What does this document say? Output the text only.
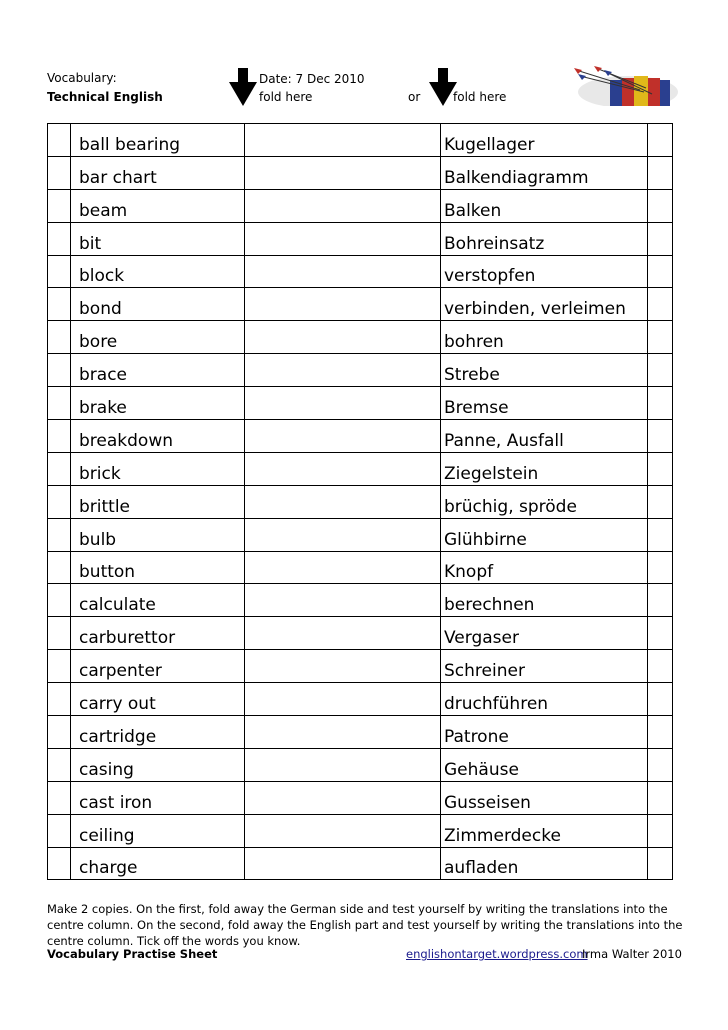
Vocabulary:
Technical English
Date: 7 Dec 2010
fold here	or	fold here
	ball bearing		Kugellager	
	bar chart		Balkendiagramm	
	beam		Balken	
	bit		Bohreinsatz	
	block		verstopfen	
	bond		verbinden, verleimen	
	bore		bohren	
	brace		Strebe	
	brake		Bremse	
	breakdown		Panne, Ausfall	
	brick		Ziegelstein	
	brittle		brüchig, spröde	
	bulb		Glühbirne	
	button		Knopf	
	calculate		berechnen	
	carburettor		Vergaser	
	carpenter		Schreiner	
	carry out		druchführen	
	cartridge		Patrone	
	casing		Gehäuse	
	cast iron		Gusseisen	
	ceiling		Zimmerdecke	
	charge		aufladen	
Make 2 copies. On the first, fold away the German side and test yourself by writing the translations into the centre column. On the second, fold away the English part and test yourself by writing the translations into the centre column. Tick off the words you know.
Vocabulary Practise Sheet	englishontarget.wordpress.com
Irma Walter 2010
